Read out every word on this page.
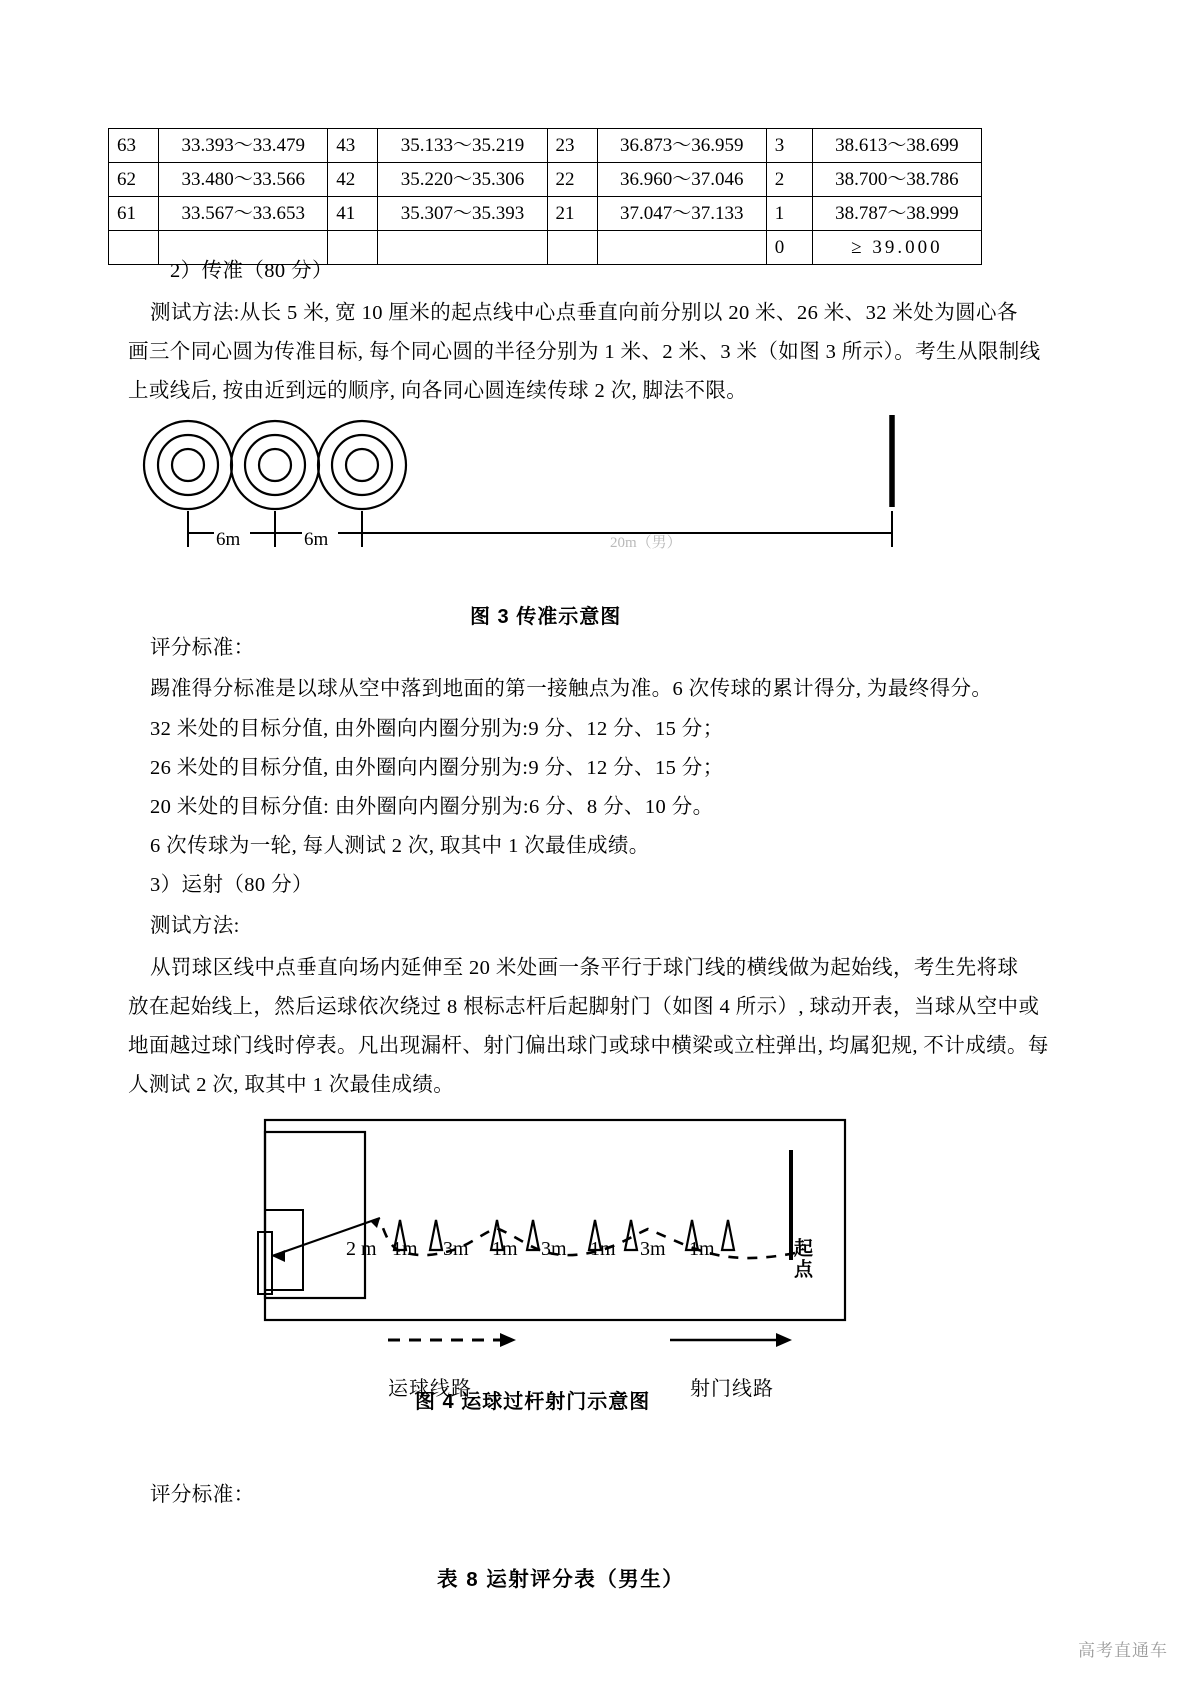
63	33.393～33.479	43	35.133～35.219	23	36.873～36.959	3	38.613～38.699
62	33.480～33.566	42	35.220～35.306	22	36.960～37.046	2	38.700～38.786
61	33.567～33.653	41	35.307～35.393	21	37.047～37.133	1	38.787～38.999
						0	≥ 39.000
2）传准（80 分）
测试方法:从长 5 米, 宽 10 厘米的起点线中心点垂直向前分别以 20 米、26 米、32 米处为圆心各
画三个同心圆为传准目标, 每个同心圆的半径分别为 1 米、2 米、3 米（如图 3 所示）。考生从限制线
上或线后, 按由近到远的顺序, 向各同心圆连续传球 2 次, 脚法不限。
6m	6m	20m（男）
图 3 传准示意图
评分标准：
踢准得分标准是以球从空中落到地面的第一接触点为准。6 次传球的累计得分, 为最终得分。
32 米处的目标分值, 由外圈向内圈分别为:9 分、12 分、15 分；
26 米处的目标分值, 由外圈向内圈分别为:9 分、12 分、15 分；
20 米处的目标分值: 由外圈向内圈分别为:6 分、8 分、10 分。
6 次传球为一轮, 每人测试 2 次, 取其中 1 次最佳成绩。
3）运射（80 分）
测试方法:
从罚球区线中点垂直向场内延伸至 20 米处画一条平行于球门线的横线做为起始线，考生先将球
放在起始线上，然后运球依次绕过 8 根标志杆后起脚射门（如图 4 所示）, 球动开表，当球从空中或
地面越过球门线时停表。凡出现漏杆、射门偏出球门或球中横梁或立柱弹出, 均属犯规, 不计成绩。每
人测试 2 次, 取其中 1 次最佳成绩。
2 m 1m 3m 1m 3m 1m 3m 1m	起点
运球线路	射门线路
图 4 运球过杆射门示意图
评分标准：
表 8 运射评分表（男生）
高考直通车
